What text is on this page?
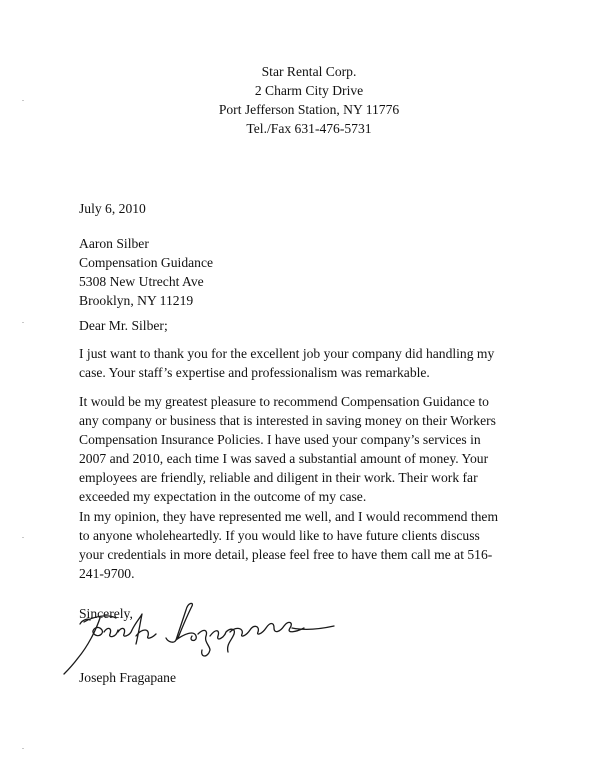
Star Rental Corp.
2 Charm City Drive
Port Jefferson Station, NY 11776
Tel./Fax 631-476-5731
July 6, 2010
Aaron Silber
Compensation Guidance
5308 New Utrecht Ave
Brooklyn, NY 11219
Dear Mr. Silber;
I just want to thank you for the excellent job your company did handling my
case. Your staff’s expertise and professionalism was remarkable.
It would be my greatest pleasure to recommend Compensation Guidance to
any company or business that is interested in saving money on their Workers
Compensation Insurance Policies. I have used your company’s services in
2007 and 2010, each time I was saved a substantial amount of money. Your
employees are friendly, reliable and diligent in their work. Their work far
exceeded my expectation in the outcome of my case.
In my opinion, they have represented me well, and I would recommend them
to anyone wholeheartedly. If you would like to have future clients discuss
your credentials in more detail, please feel free to have them call me at 516-
241-9700.
Sincerely,
Joseph Fragapane
